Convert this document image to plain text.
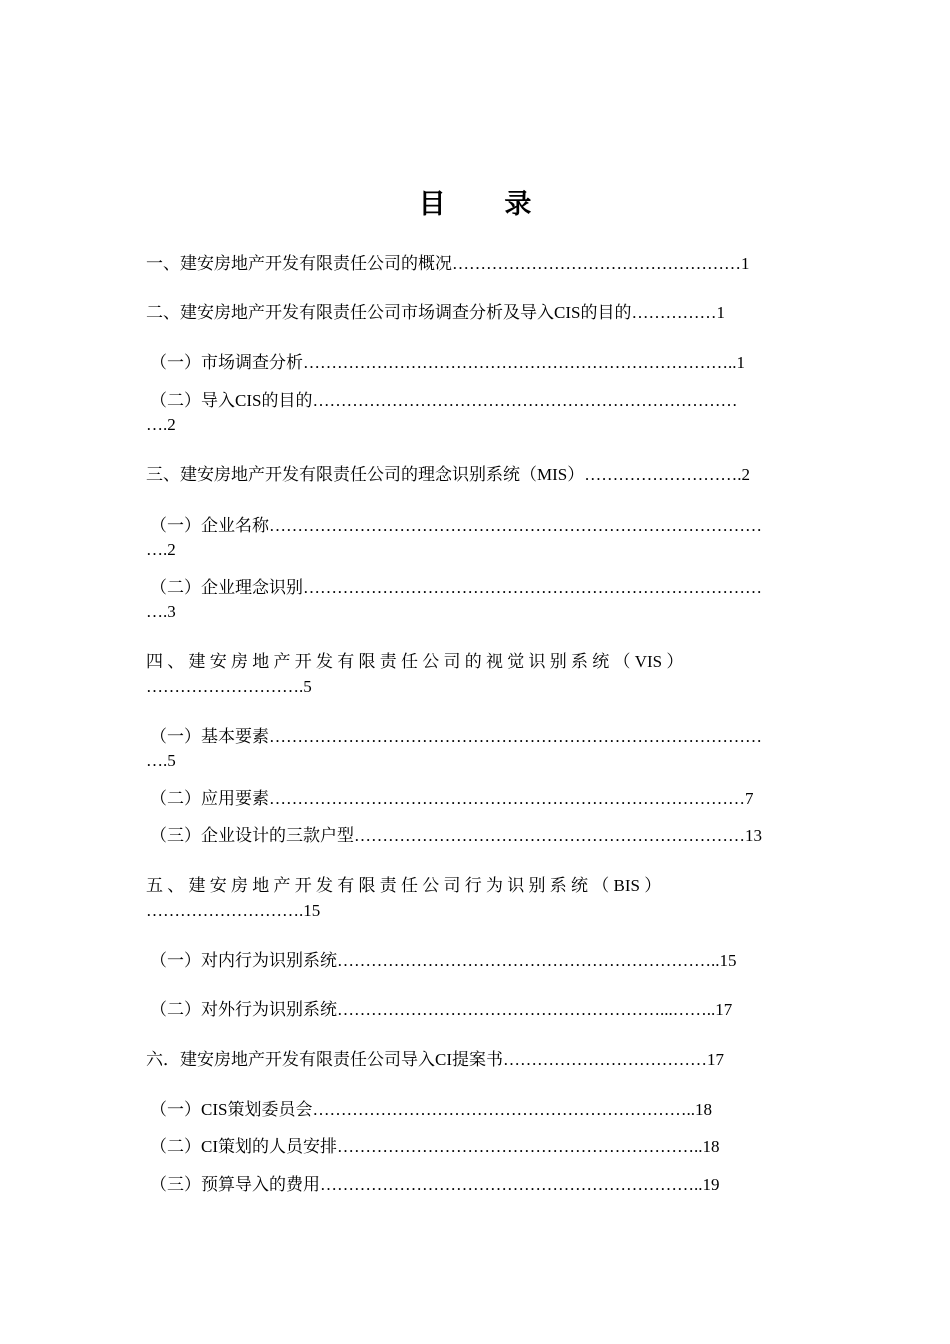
目 录
一、建安房地产开发有限责任公司的概况……………………………………………1
二、建安房地产开发有限责任公司市场调查分析及导入CIS的目的……………1
（一）市场调查分析…………………………………………………………………..1
（二）导入CIS的目的…………………………………………………………………
….2
三、建安房地产开发有限责任公司的理念识别系统（MIS）……………………….2
（一）企业名称……………………………………………………………………………
….2
（二）企业理念识别………………………………………………………………………
….3
四 、 建 安 房 地 产 开 发 有 限 责 任 公 司 的 视 觉 识 别 系 统 （ VIS ）
……………………….5
（一）基本要素……………………………………………………………………………
….5
（二）应用要素…………………………………………………………………………7
（三）企业设计的三款户型……………………………………………………………13
五 、 建 安 房 地 产 开 发 有 限 责 任 公 司 行 为 识 别 系 统 （ BIS ）
……………………….15
（一）对内行为识别系统…………………………………………………………..15
（二）对外行为识别系统…………………………………………………...……..17
六．建安房地产开发有限责任公司导入CI提案书………………………………17
（一）CIS策划委员会…………………………………………………………..18
（二）CI策划的人员安排………………………………………………………..18
（三）预算导入的费用…………………………………………………………..19
